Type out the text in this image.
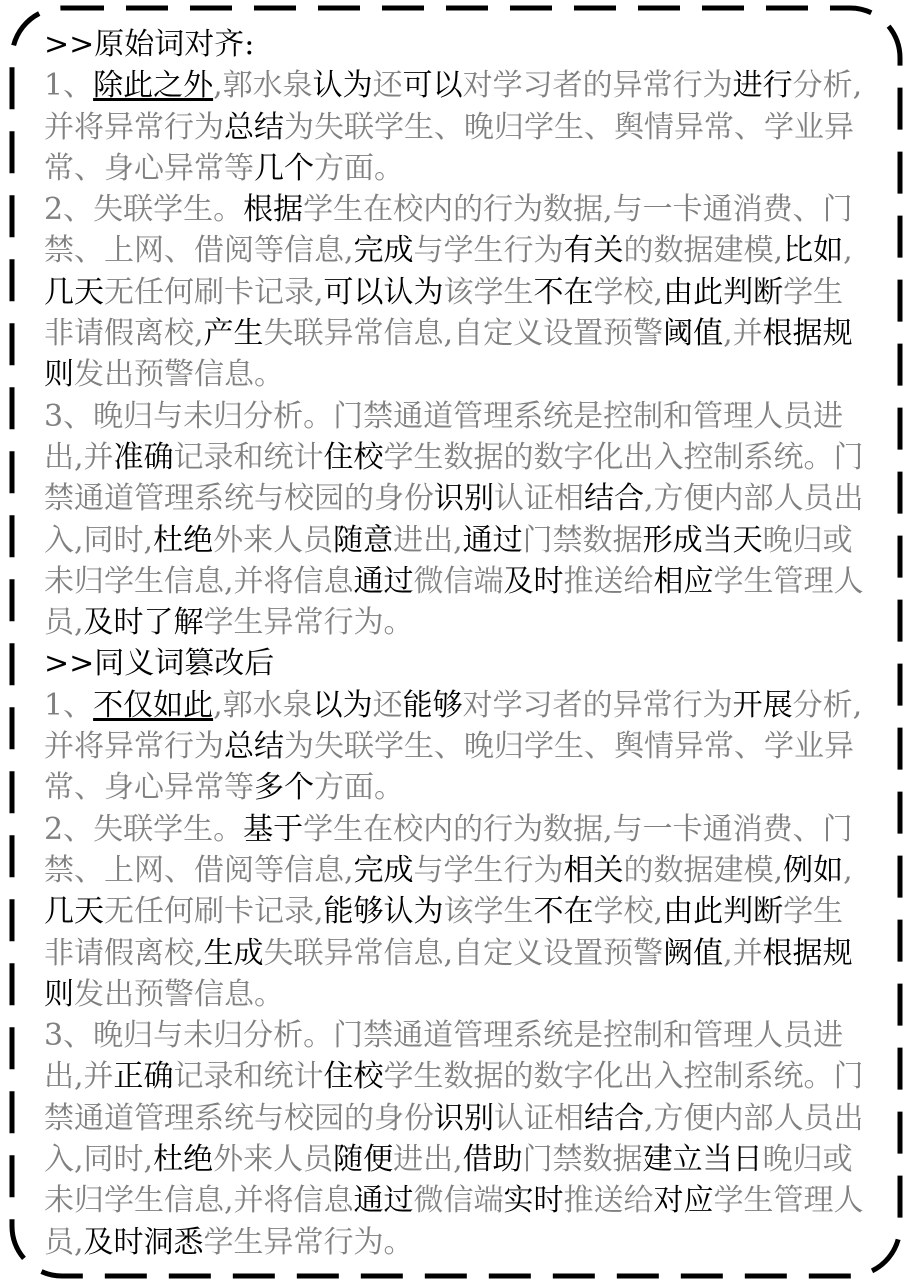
>>原始词对齐:
1、除此之外,郭水泉认为还可以对学习者的异常行为进行分析,并将异常行为总结为失联学生、晚归学生、舆情异常、学业异常、身心异常等几个方面。
2、失联学生。根据学生在校内的行为数据,与一卡通消费、门禁、上网、借阅等信息,完成与学生行为有关的数据建模,比如,几天无任何刷卡记录,可以认为该学生不在学校,由此判断学生非请假离校,产生失联异常信息,自定义设置预警阈值,并根据规则发出预警信息。
3、晚归与未归分析。门禁通道管理系统是控制和管理人员进出,并准确记录和统计住校学生数据的数字化出入控制系统。门禁通道管理系统与校园的身份识别认证相结合,方便内部人员出入,同时,杜绝外来人员随意进出,通过门禁数据形成当天晚归或未归学生信息,并将信息通过微信端及时推送给相应学生管理人员,及时了解学生异常行为。
>>同义词篡改后
1、不仅如此,郭水泉以为还能够对学习者的异常行为开展分析,并将异常行为总结为失联学生、晚归学生、舆情异常、学业异常、身心异常等多个方面。
2、失联学生。基于学生在校内的行为数据,与一卡通消费、门禁、上网、借阅等信息,完成与学生行为相关的数据建模,例如,几天无任何刷卡记录,能够认为该学生不在学校,由此判断学生非请假离校,生成失联异常信息,自定义设置预警阙值,并根据规则发出预警信息。
3、晚归与未归分析。门禁通道管理系统是控制和管理人员进出,并正确记录和统计住校学生数据的数字化出入控制系统。门禁通道管理系统与校园的身份识别认证相结合,方便内部人员出入,同时,杜绝外来人员随便进出,借助门禁数据建立当日晚归或未归学生信息,并将信息通过微信端实时推送给对应学生管理人员,及时洞悉学生异常行为。
